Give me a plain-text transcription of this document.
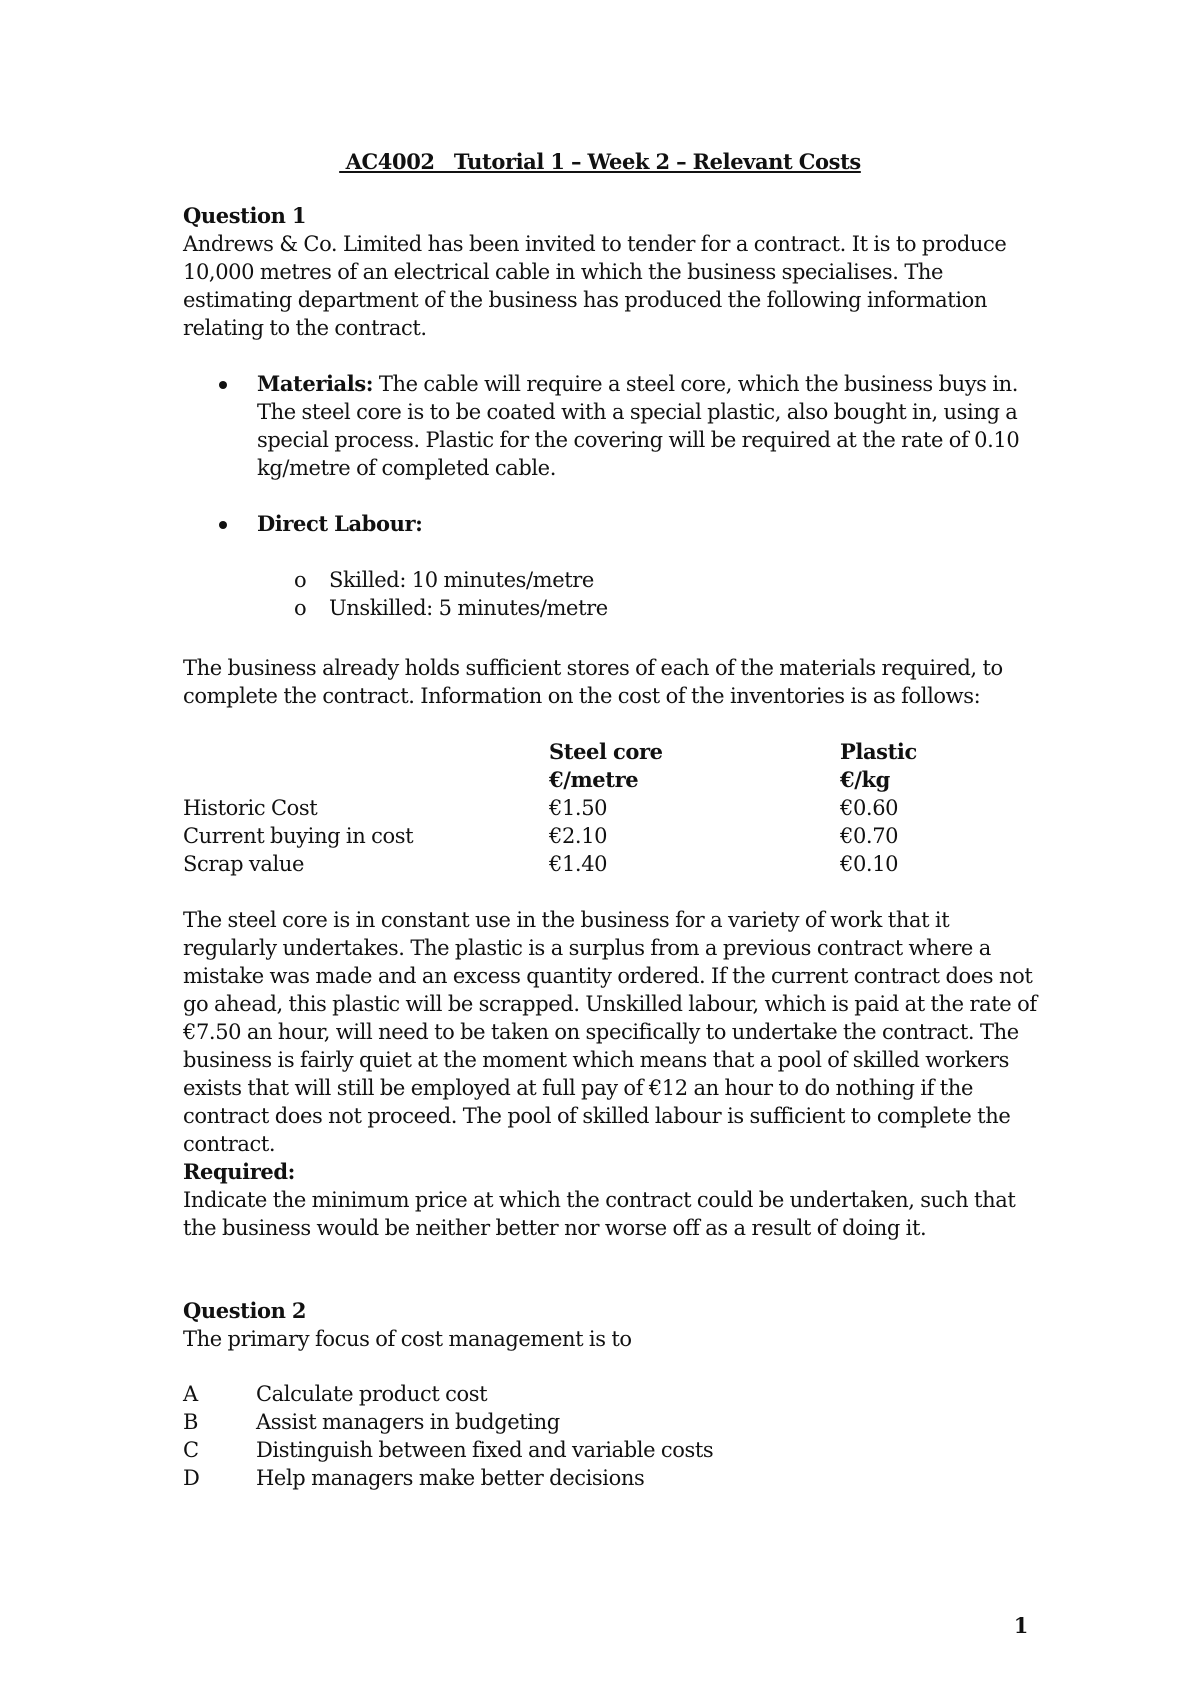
AC4002   Tutorial 1 – Week 2 – Relevant Costs

Question 1

Andrews & Co. Limited has been invited to tender for a contract. It is to produce 10,000 metres of an electrical cable in which the business specialises. The estimating department of the business has produced the following information relating to the contract.

Materials: The cable will require a steel core, which the business buys in. The steel core is to be coated with a special plastic, also bought in, using a special process. Plastic for the covering will be required at the rate of 0.10 kg/metre of completed cable.
Direct Labour:
o Skilled: 10 minutes/metre
o Unskilled: 5 minutes/metre

The business already holds sufficient stores of each of the materials required, to complete the contract. Information on the cost of the inventories is as follows:

	Steel core	Plastic
	€/metre	€/kg
Historic Cost	€1.50	€0.60
Current buying in cost	€2.10	€0.70
Scrap value	€1.40	€0.10

The steel core is in constant use in the business for a variety of work that it regularly undertakes. The plastic is a surplus from a previous contract where a mistake was made and an excess quantity ordered. If the current contract does not go ahead, this plastic will be scrapped. Unskilled labour, which is paid at the rate of €7.50 an hour, will need to be taken on specifically to undertake the contract. The business is fairly quiet at the moment which means that a pool of skilled workers exists that will still be employed at full pay of €12 an hour to do nothing if the contract does not proceed. The pool of skilled labour is sufficient to complete the contract.

Required:

Indicate the minimum price at which the contract could be undertaken, such that the business would be neither better nor worse off as a result of doing it.

Question 2

The primary focus of cost management is to

A	Calculate product cost
B	Assist managers in budgeting
C	Distinguish between fixed and variable costs
D	Help managers make better decisions
1
